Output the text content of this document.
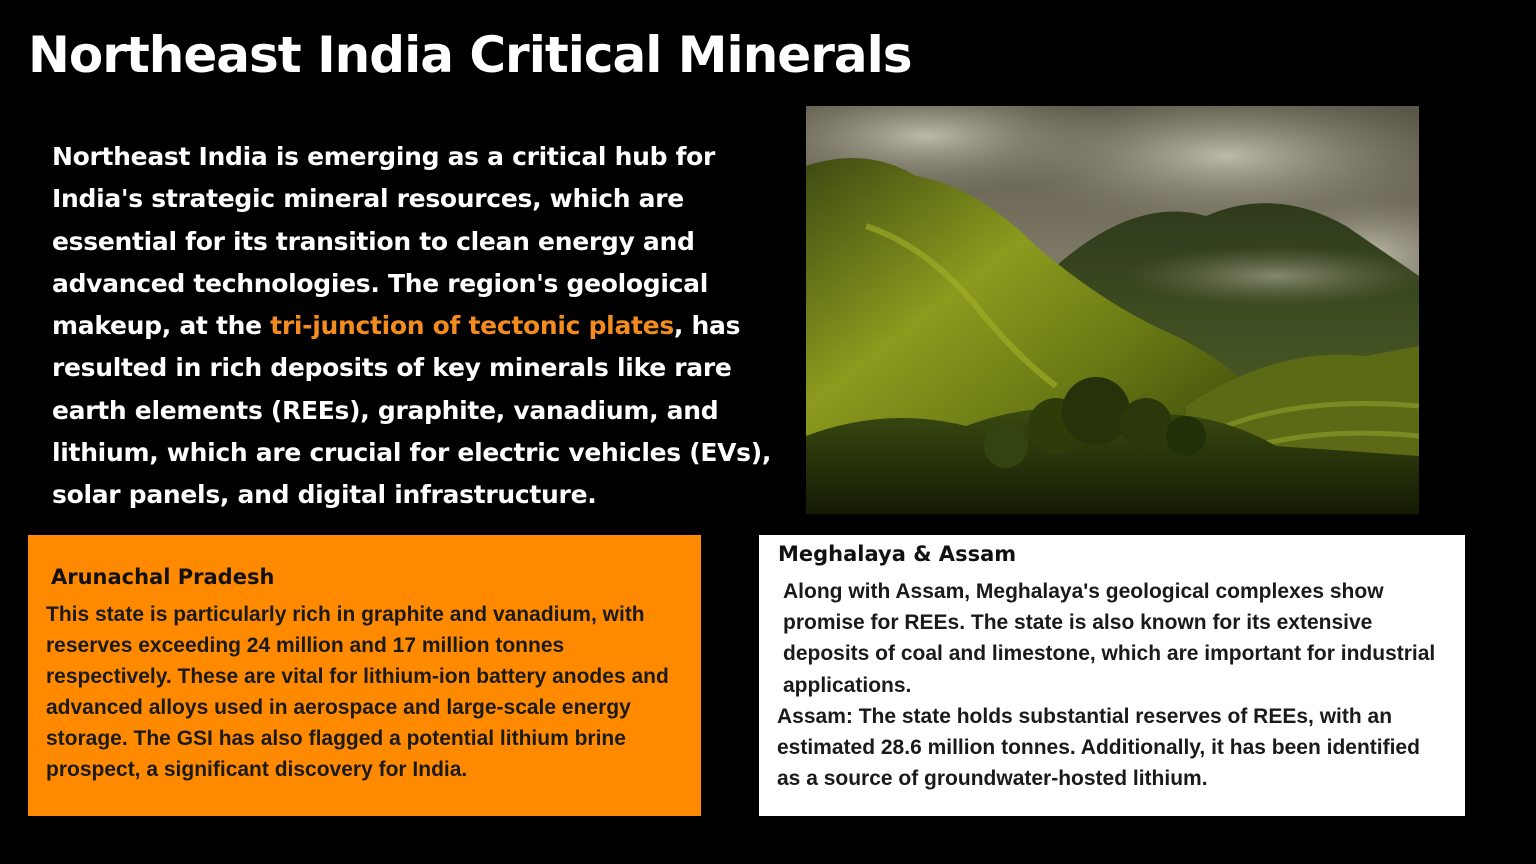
Northeast India Critical Minerals

Northeast India is emerging as a critical hub for India's strategic mineral resources, which are essential for its transition to clean energy and advanced technologies. The region's geological makeup, at the tri-junction of tectonic plates, has resulted in rich deposits of key minerals like rare earth elements (REEs), graphite, vanadium, and lithium, which are crucial for electric vehicles (EVs), solar panels, and digital infrastructure.

Arunachal Pradesh

This state is particularly rich in graphite and vanadium, with reserves exceeding 24 million and 17 million tonnes respectively. These are vital for lithium-ion battery anodes and advanced alloys used in aerospace and large-scale energy storage. The GSI has also flagged a potential lithium brine prospect, a significant discovery for India.

Meghalaya & Assam

Along with Assam, Meghalaya's geological complexes show promise for REEs. The state is also known for its extensive deposits of coal and limestone, which are important for industrial applications.

Assam: The state holds substantial reserves of REEs, with an estimated 28.6 million tonnes. Additionally, it has been identified as a source of groundwater-hosted lithium.
